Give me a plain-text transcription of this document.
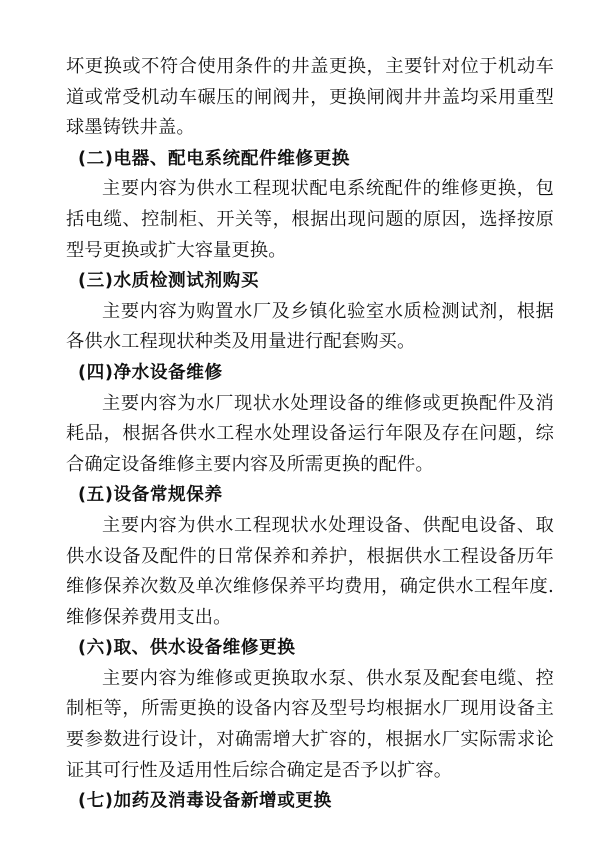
坏更换或不符合使用条件的井盖更换，主要针对位于机动车道或常受机动车碾压的闸阀井，更换闸阀井井盖均采用重型球墨铸铁井盖。

(二)电器、配电系统配件维修更换

主要内容为供水工程现状配电系统配件的维修更换，包括电缆、控制柜、开关等，根据出现问题的原因，选择按原型号更换或扩大容量更换。

(三)水质检测试剂购买

主要内容为购置水厂及乡镇化验室水质检测试剂，根据各供水工程现状种类及用量进行配套购买。

(四)净水设备维修

主要内容为水厂现状水处理设备的维修或更换配件及消耗品，根据各供水工程水处理设备运行年限及存在问题，综合确定设备维修主要内容及所需更换的配件。

(五)设备常规保养

主要内容为供水工程现状水处理设备、供配电设备、取供水设备及配件的日常保养和养护，根据供水工程设备历年维修保养次数及单次维修保养平均费用，确定供水工程年度.维修保养费用支出。

(六)取、供水设备维修更换

主要内容为维修或更换取水泵、供水泵及配套电缆、控制柜等，所需更换的设备内容及型号均根据水厂现用设备主要参数进行设计，对确需增大扩容的，根据水厂实际需求论证其可行性及适用性后综合确定是否予以扩容。

(七)加药及消毒设备新增或更换
